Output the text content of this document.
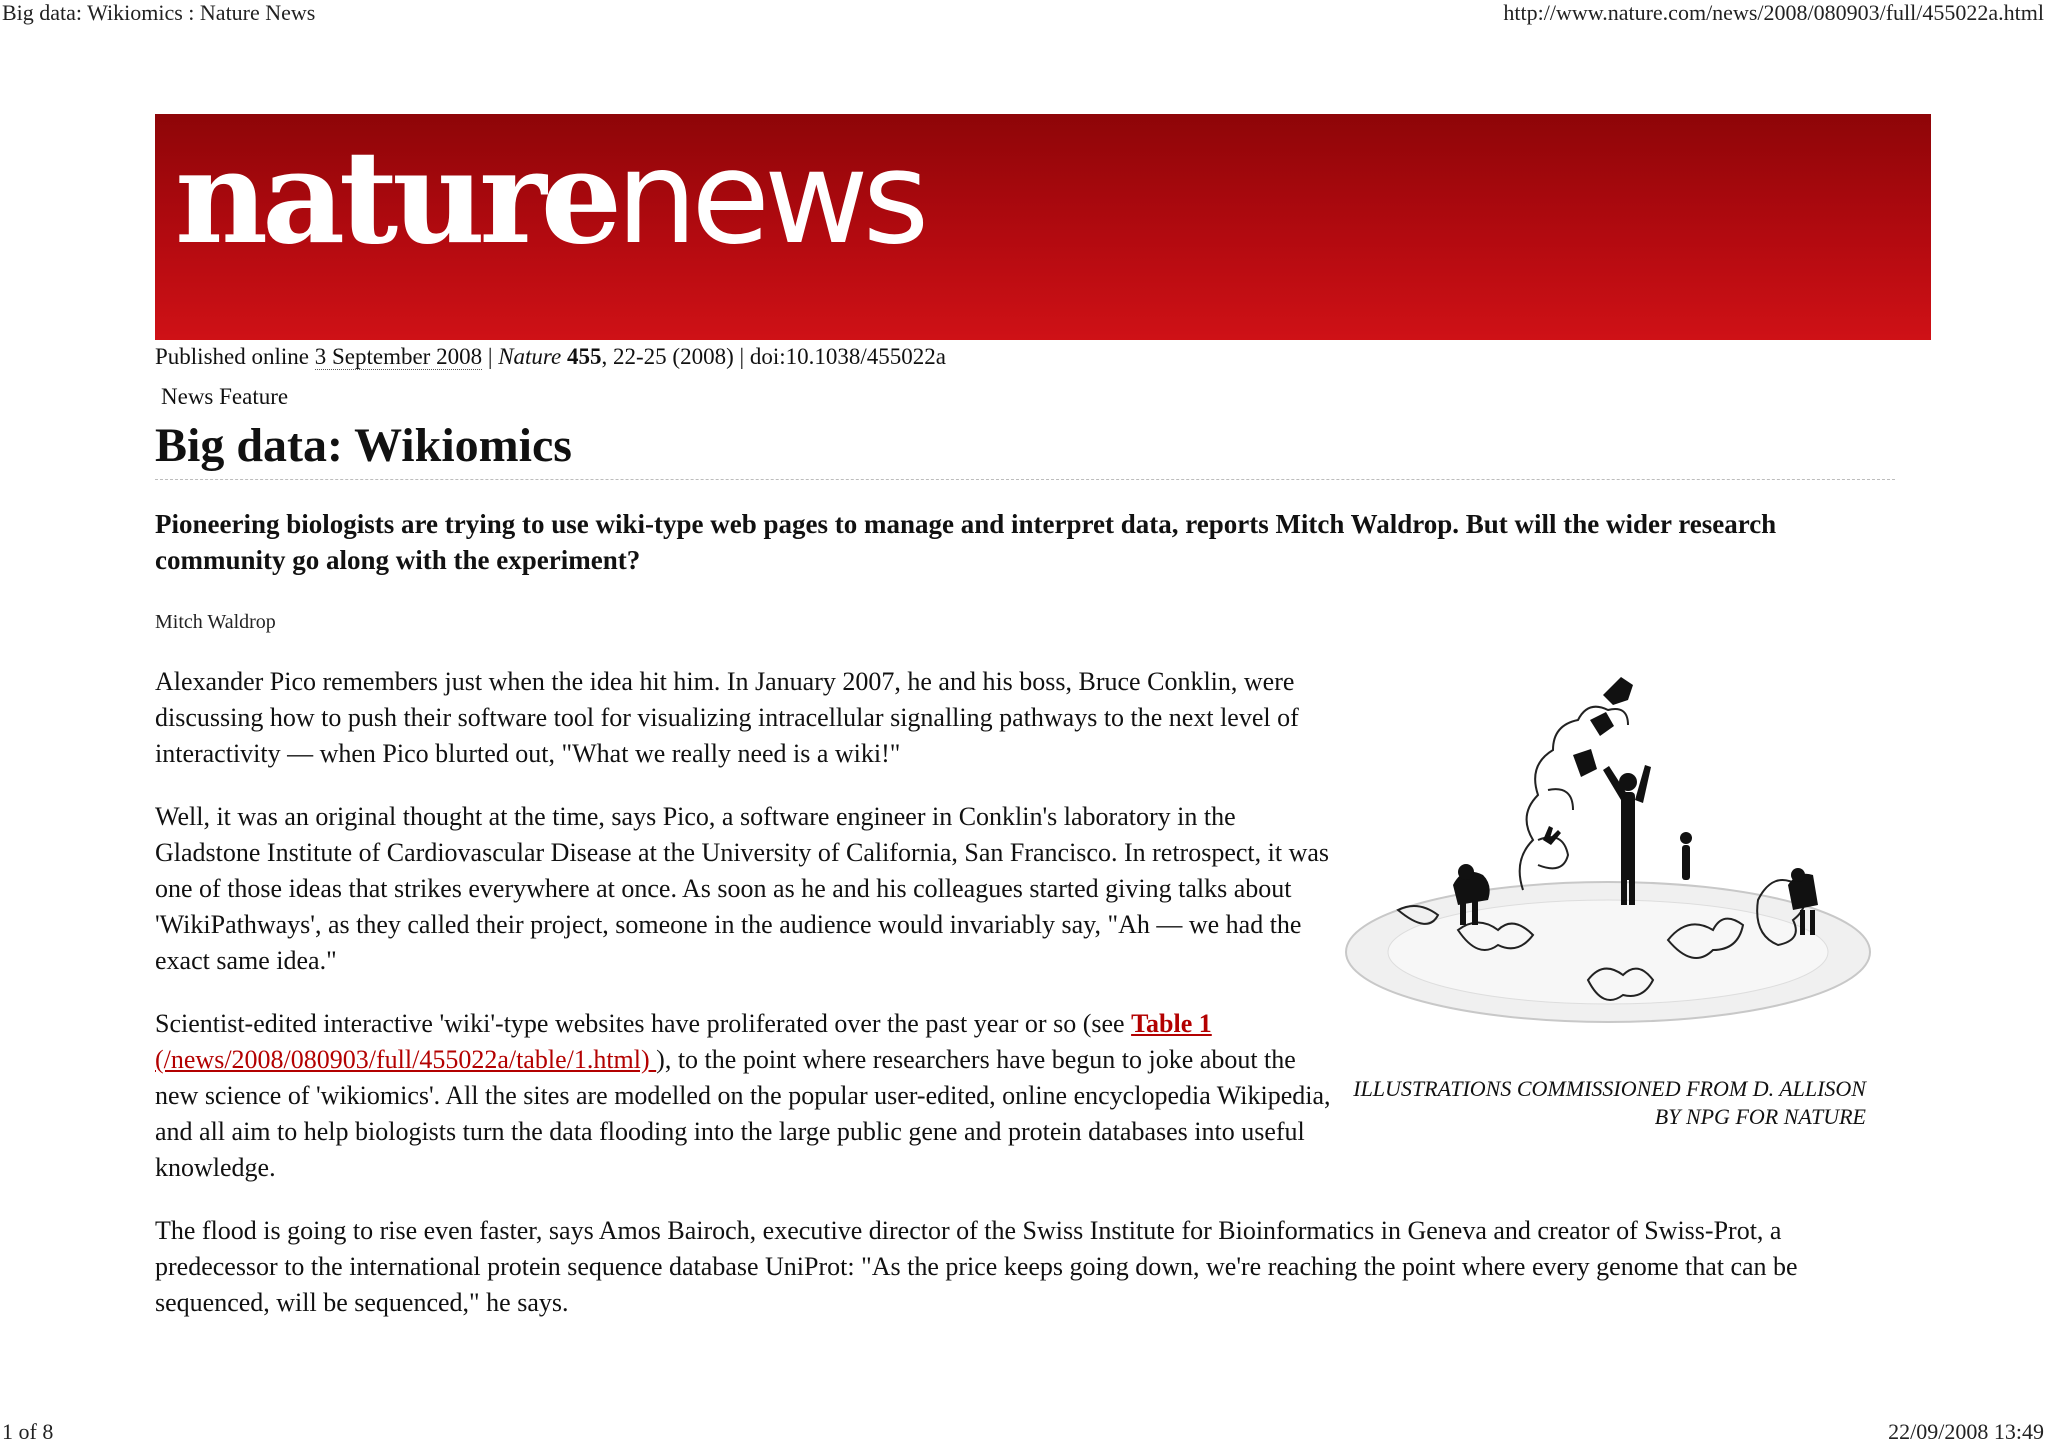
Big data: Wikiomics : Nature News	http://www.nature.com/news/2008/080903/full/455022a.html
naturenews
Published online 3 September 2008 | Nature 455, 22-25 (2008) | doi:10.1038/455022a
News Feature
Big data: Wikiomics

Pioneering biologists are trying to use wiki-type web pages to manage and interpret data, reports Mitch Waldrop. But will the wider research community go along with the experiment?

Mitch Waldrop

Alexander Pico remembers just when the idea hit him. In January 2007, he and his boss, Bruce Conklin, were discussing how to push their software tool for visualizing intracellular signalling pathways to the next level of interactivity — when Pico blurted out, "What we really need is a wiki!"

Well, it was an original thought at the time, says Pico, a software engineer in Conklin's laboratory in the Gladstone Institute of Cardiovascular Disease at the University of California, San Francisco. In retrospect, it was one of those ideas that strikes everywhere at once. As soon as he and his colleagues started giving talks about 'WikiPathways', as they called their project, someone in the audience would invariably say, "Ah — we had the exact same idea."

Scientist-edited interactive 'wiki'-type websites have proliferated over the past year or so (see Table 1 (/news/2008/080903/full/455022a/table/1.html) ), to the point where researchers have begun to joke about the new science of 'wikiomics'. All the sites are modelled on the popular user-edited, online encyclopedia Wikipedia, and all aim to help biologists turn the data flooding into the large public gene and protein databases into useful knowledge.

ILLUSTRATIONS COMMISSIONED FROM D. ALLISON BY NPG FOR NATURE

The flood is going to rise even faster, says Amos Bairoch, executive director of the Swiss Institute for Bioinformatics in Geneva and creator of Swiss-Prot, a predecessor to the international protein sequence database UniProt: "As the price keeps going down, we're reaching the point where every genome that can be sequenced, will be sequenced," he says.

1 of 8	22/09/2008 13:49
